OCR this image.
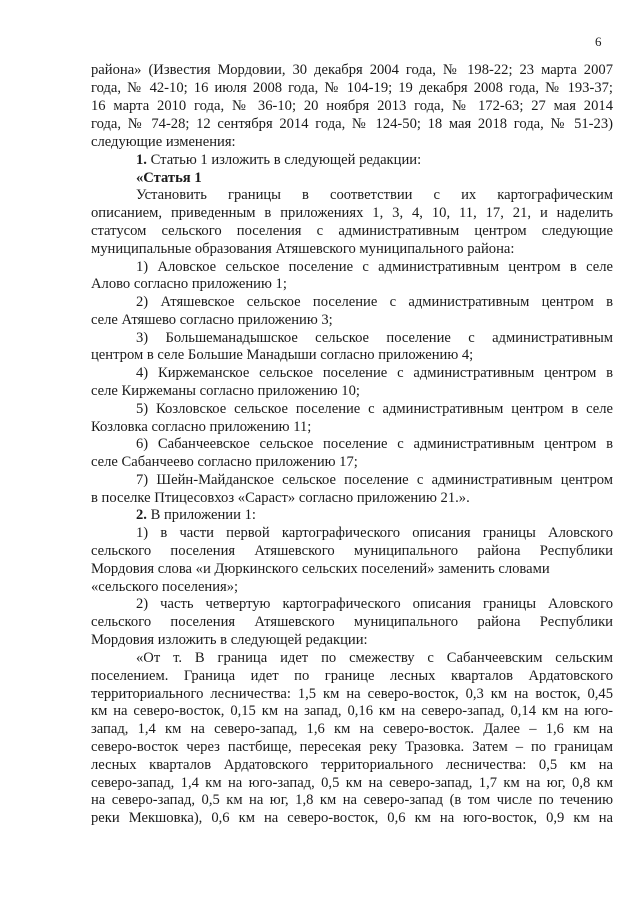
6
района» (Известия Мордовии, 30 декабря 2004 года, № 198-22; 23 марта 2007
года, № 42-10; 16 июля 2008 года, № 104-19; 19 декабря 2008 года, № 193-37;
16 марта 2010 года, № 36-10; 20 ноября 2013 года, № 172-63; 27 мая 2014
года, № 74-28; 12 сентября 2014 года, № 124-50; 18 мая 2018 года, № 51-23)
следующие изменения:
1. Статью 1 изложить в следующей редакции:
«Статья 1
Установить границы в соответствии с их картографическим
описанием, приведенным в приложениях 1, 3, 4, 10, 11, 17, 21, и наделить
статусом сельского поселения с административным центром следующие
муниципальные образования Атяшевского муниципального района:
1) Аловское сельское поселение с административным центром в селе
Алово согласно приложению 1;
2) Атяшевское сельское поселение с административным центром в
селе Атяшево согласно приложению 3;
3) Большеманадышское сельское поселение с административным
центром в селе Большие Манадыши согласно приложению 4;
4) Киржеманское сельское поселение с административным центром в
селе Киржеманы согласно приложению 10;
5) Козловское сельское поселение с административным центром в селе
Козловка согласно приложению 11;
6) Сабанчеевское сельское поселение с административным центром в
селе Сабанчеево согласно приложению 17;
7) Шейн-Майданское сельское поселение с административным центром
в поселке Птицесовхоз «Сараст» согласно приложению 21.».
2. В приложении 1:
1) в части первой картографического описания границы Аловского
сельского поселения Атяшевского муниципального района Республики
Мордовия слова «и Дюркинского сельских поселений» заменить словами
«сельского поселения»;
2) часть четвертую картографического описания границы Аловского
сельского поселения Атяшевского муниципального района Республики
Мордовия изложить в следующей редакции:
«От т. В граница идет по смежеству с Сабанчеевским сельским
поселением. Граница идет по границе лесных кварталов Ардатовского
территориального лесничества: 1,5 км на северо-восток, 0,3 км на восток, 0,45
км на северо-восток, 0,15 км на запад, 0,16 км на северо-запад, 0,14 км на юго-
запад, 1,4 км на северо-запад, 1,6 км на северо-восток. Далее – 1,6 км на
северо-восток через пастбище, пересекая реку Тразовка. Затем – по границам
лесных кварталов Ардатовского территориального лесничества: 0,5 км на
северо-запад, 1,4 км на юго-запад, 0,5 км на северо-запад, 1,7 км на юг, 0,8 км
на северо-запад, 0,5 км на юг, 1,8 км на северо-запад (в том числе по течению
реки Мекшовка), 0,6 км на северо-восток, 0,6 км на юго-восток, 0,9 км на
